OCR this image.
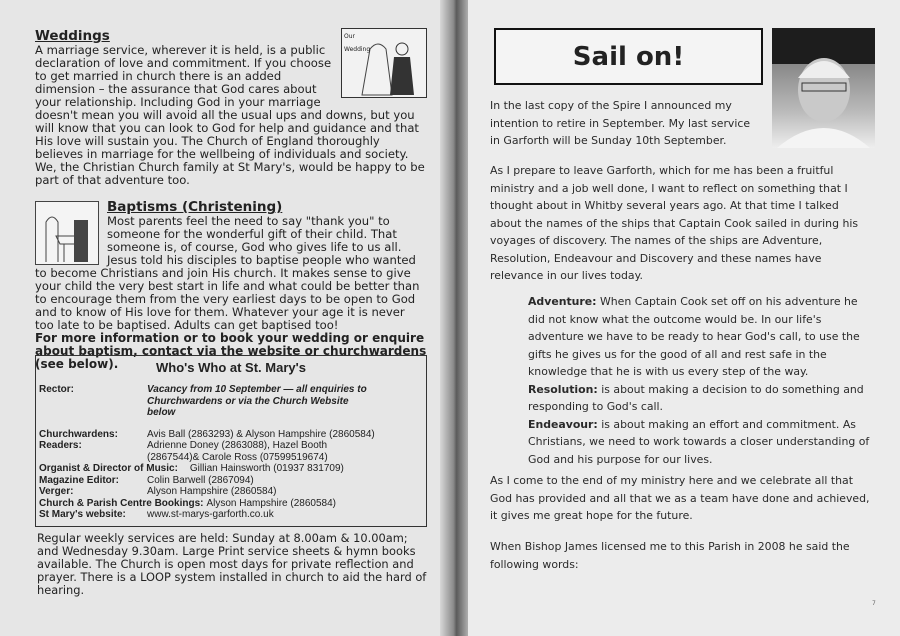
Our Wedding
Weddings

A marriage service, wherever it is held, is a public declaration of love and commitment. If you choose to get married in church there is an added dimension – the assurance that God cares about your relationship. Including God in your marriage doesn't mean you will avoid all the usual ups and downs, but you will know that you can look to God for help and guidance and that His love will sustain you. The Church of England thoroughly believes in marriage for the wellbeing of individuals and society. We, the Christian Church family at St Mary's, would be happy to be part of that adventure too.

Baptisms (Christening)

Most parents feel the need to say "thank you" to someone for the wonderful gift of their child. That someone is, of course, God who gives life to us all. Jesus told his disciples to baptise people who wanted to become Christians and join His church. It makes sense to give your child the very best start in life and what could be better than to encourage them from the very earliest days to be open to God and to know of His love for them. Whatever your age it is never too late to be baptised. Adults can get baptised too!

For more information or to book your wedding or enquire about baptism, contact via the website or churchwardens (see below).	Who's Who at St. Mary's
Rector:	Vacancy from 10 September — all enquiries to Churchwardens or via the Church Website below
Churchwardens:	Avis Ball (2863293) & Alyson Hampshire (2860584)
Readers:	Adrienne Doney (2863088), Hazel Booth (2867544)& Carole Ross (07599519674)
Organist & Director of Music: Gillian Hainsworth (01937 831709)
Magazine Editor:	Colin Barwell (2867094)
Verger:	Alyson Hampshire (2860584)
Church & Parish Centre Bookings: Alyson Hampshire (2860584)
St Mary's website:	www.st-marys-garforth.co.uk

Regular weekly services are held: Sunday at 8.00am & 10.00am; and Wednesday 9.30am. Large Print service sheets & hymn books available. The Church is open most days for private reflection and prayer. There is a LOOP system installed in church to aid the hard of hearing.

Sail on!

In the last copy of the Spire I announced my intention to retire in September. My last service in Garforth will be Sunday 10th September.

As I prepare to leave Garforth, which for me has been a fruitful ministry and a job well done, I want to reflect on something that I thought about in Whitby several years ago. At that time I talked about the names of the ships that Captain Cook sailed in during his voyages of discovery. The names of the ships are Adventure, Resolution, Endeavour and Discovery and these names have relevance in our lives today.

Adventure: When Captain Cook set off on his adventure he did not know what the outcome would be. In our life's adventure we have to be ready to hear God's call, to use the gifts he gives us for the good of all and rest safe in the knowledge that he is with us every step of the way.

Resolution: is about making a decision to do something and responding to God's call.

Endeavour: is about making an effort and commitment. As Christians, we need to work towards a closer understanding of God and his purpose for our lives.

As I come to the end of my ministry here and we celebrate all that God has provided and all that we as a team have done and achieved, it gives me great hope for the future.

When Bishop James licensed me to this Parish in 2008 he said the following words:

7
